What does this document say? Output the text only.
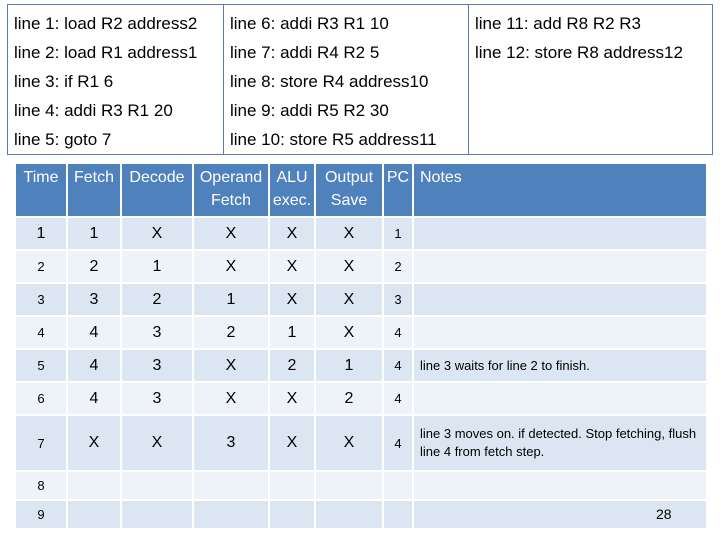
line 1: load R2 address2
line 2: load R1 address1
line 3: if R1 6
line 4: addi R3 R1 20
line 5: goto 7
line 6: addi R3 R1 10
line 7: addi R4 R2 5
line 8: store R4 address10
line 9: addi R5 R2 30
line 10: store R5 address11
line 11: add R8 R2 R3
line 12: store R8 address12
Time	Fetch	Decode	Operand Fetch	ALU exec.	Output Save	PC	Notes
1	1	X	X	X	X	1	
2	2	1	X	X	X	2	
3	3	2	1	X	X	3	
4	4	3	2	1	X	4	
5	4	3	X	2	1	4	line 3 waits for line 2 to finish.
6	4	3	X	X	2	4	
7	X	X	3	X	X	4	line 3 moves on. if detected. Stop fetching, flush line 4 from fetch step.
8							
9								28
